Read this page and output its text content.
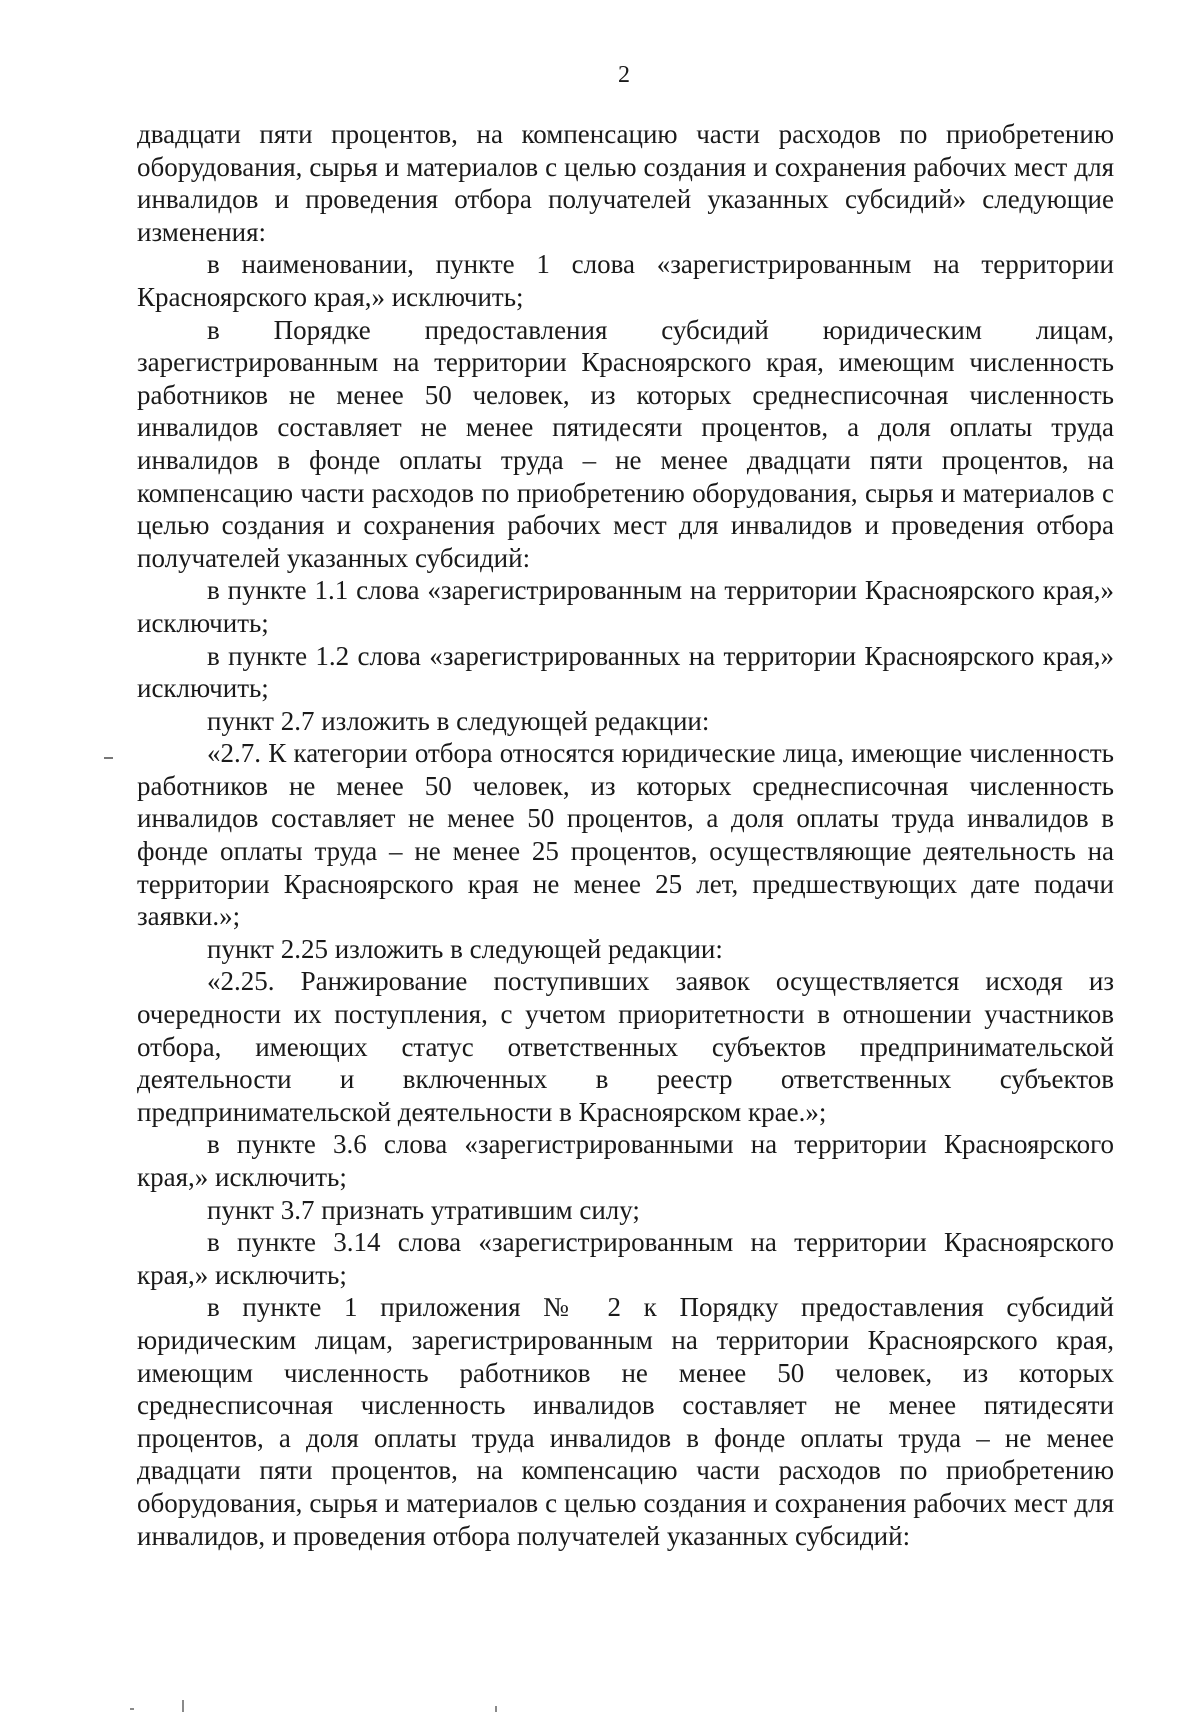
2

двадцати пяти процентов, на компенсацию части расходов по приобретению оборудования, сырья и материалов с целью создания и сохранения рабочих мест для инвалидов и проведения отбора получателей указанных субсидий» следующие изменения:

в наименовании, пункте 1 слова «зарегистрированным на территории Красноярского края,» исключить;

в Порядке предоставления субсидий юридическим лицам, зарегистрированным на территории Красноярского края, имеющим численность работников не менее 50 человек, из которых среднесписочная численность инвалидов составляет не менее пятидесяти процентов, а доля оплаты труда инвалидов в фонде оплаты труда – не менее двадцати пяти процентов, на компенсацию части расходов по приобретению оборудования, сырья и материалов с целью создания и сохранения рабочих мест для инвалидов и проведения отбора получателей указанных субсидий:

в пункте 1.1 слова «зарегистрированным на территории Красноярского края,» исключить;

в пункте 1.2 слова «зарегистрированных на территории Красноярского края,» исключить;

пункт 2.7 изложить в следующей редакции:

«2.7. К категории отбора относятся юридические лица, имеющие численность работников не менее 50 человек, из которых среднесписочная численность инвалидов составляет не менее 50 процентов, а доля оплаты труда инвалидов в фонде оплаты труда – не менее 25 процентов, осуществляющие деятельность на территории Красноярского края не менее 25 лет, предшествующих дате подачи заявки.»;

пункт 2.25 изложить в следующей редакции:

«2.25. Ранжирование поступивших заявок осуществляется исходя из очередности их поступления, с учетом приоритетности в отношении участников отбора, имеющих статус ответственных субъектов предпринимательской деятельности и включенных в реестр ответственных субъектов предпринимательской деятельности в Красноярском крае.»;

в пункте 3.6 слова «зарегистрированными на территории Красноярского края,» исключить;

пункт 3.7 признать утратившим силу;

в пункте 3.14 слова «зарегистрированным на территории Красноярского края,» исключить;

в пункте 1 приложения № 2 к Порядку предоставления субсидий юридическим лицам, зарегистрированным на территории Красноярского края, имеющим численность работников не менее 50 человек, из которых среднесписочная численность инвалидов составляет не менее пятидесяти процентов, а доля оплаты труда инвалидов в фонде оплаты труда – не менее двадцати пяти процентов, на компенсацию части расходов по приобретению оборудования, сырья и материалов с целью создания и сохранения рабочих мест для инвалидов, и проведения отбора получателей указанных субсидий:
